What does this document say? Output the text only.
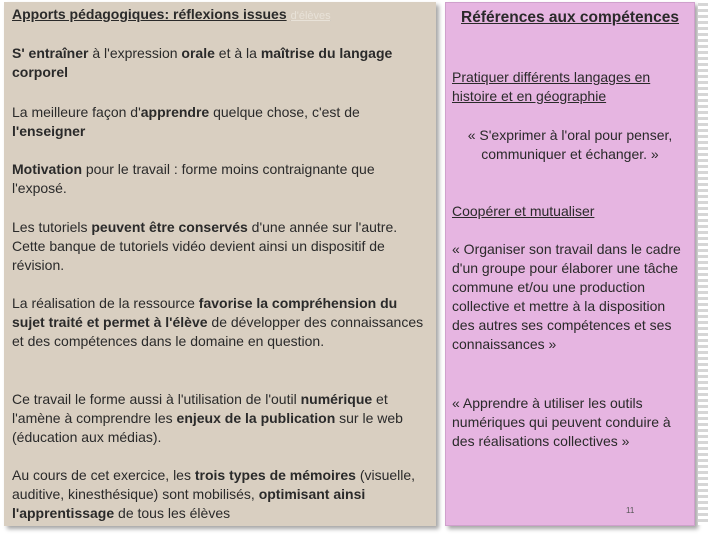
Apports pédagogiques: réflexions issues d'élèves
S' entraîner à l'expression orale et à la maîtrise du langage corporel
La meilleure façon d'apprendre quelque chose, c'est de l'enseigner
Motivation pour le travail : forme moins contraignante que l'exposé.
Les tutoriels peuvent être conservés d'une année sur l'autre. Cette banque de tutoriels vidéo devient ainsi un dispositif de révision.
La réalisation de la ressource favorise la compréhension du sujet traité et permet à l'élève de développer des connaissances et des compétences dans le domaine en question.
Ce travail le forme aussi à l'utilisation de l'outil numérique et l'amène à comprendre les enjeux de la publication sur le web (éducation aux médias).
Au cours de cet exercice, les trois types de mémoires (visuelle, auditive, kinesthésique) sont mobilisés, optimisant ainsi l'apprentissage de tous les élèves
Références aux compétences
Pratiquer différents langages en histoire et en géographie
« S'exprimer à l'oral pour penser, communiquer et échanger. »
Coopérer et mutualiser
« Organiser son travail dans le cadre d'un groupe pour élaborer une tâche commune et/ou une production collective et mettre à la disposition des autres ses compétences et ses connaissances »
« Apprendre à utiliser les outils numériques qui peuvent conduire à des réalisations collectives »
11
